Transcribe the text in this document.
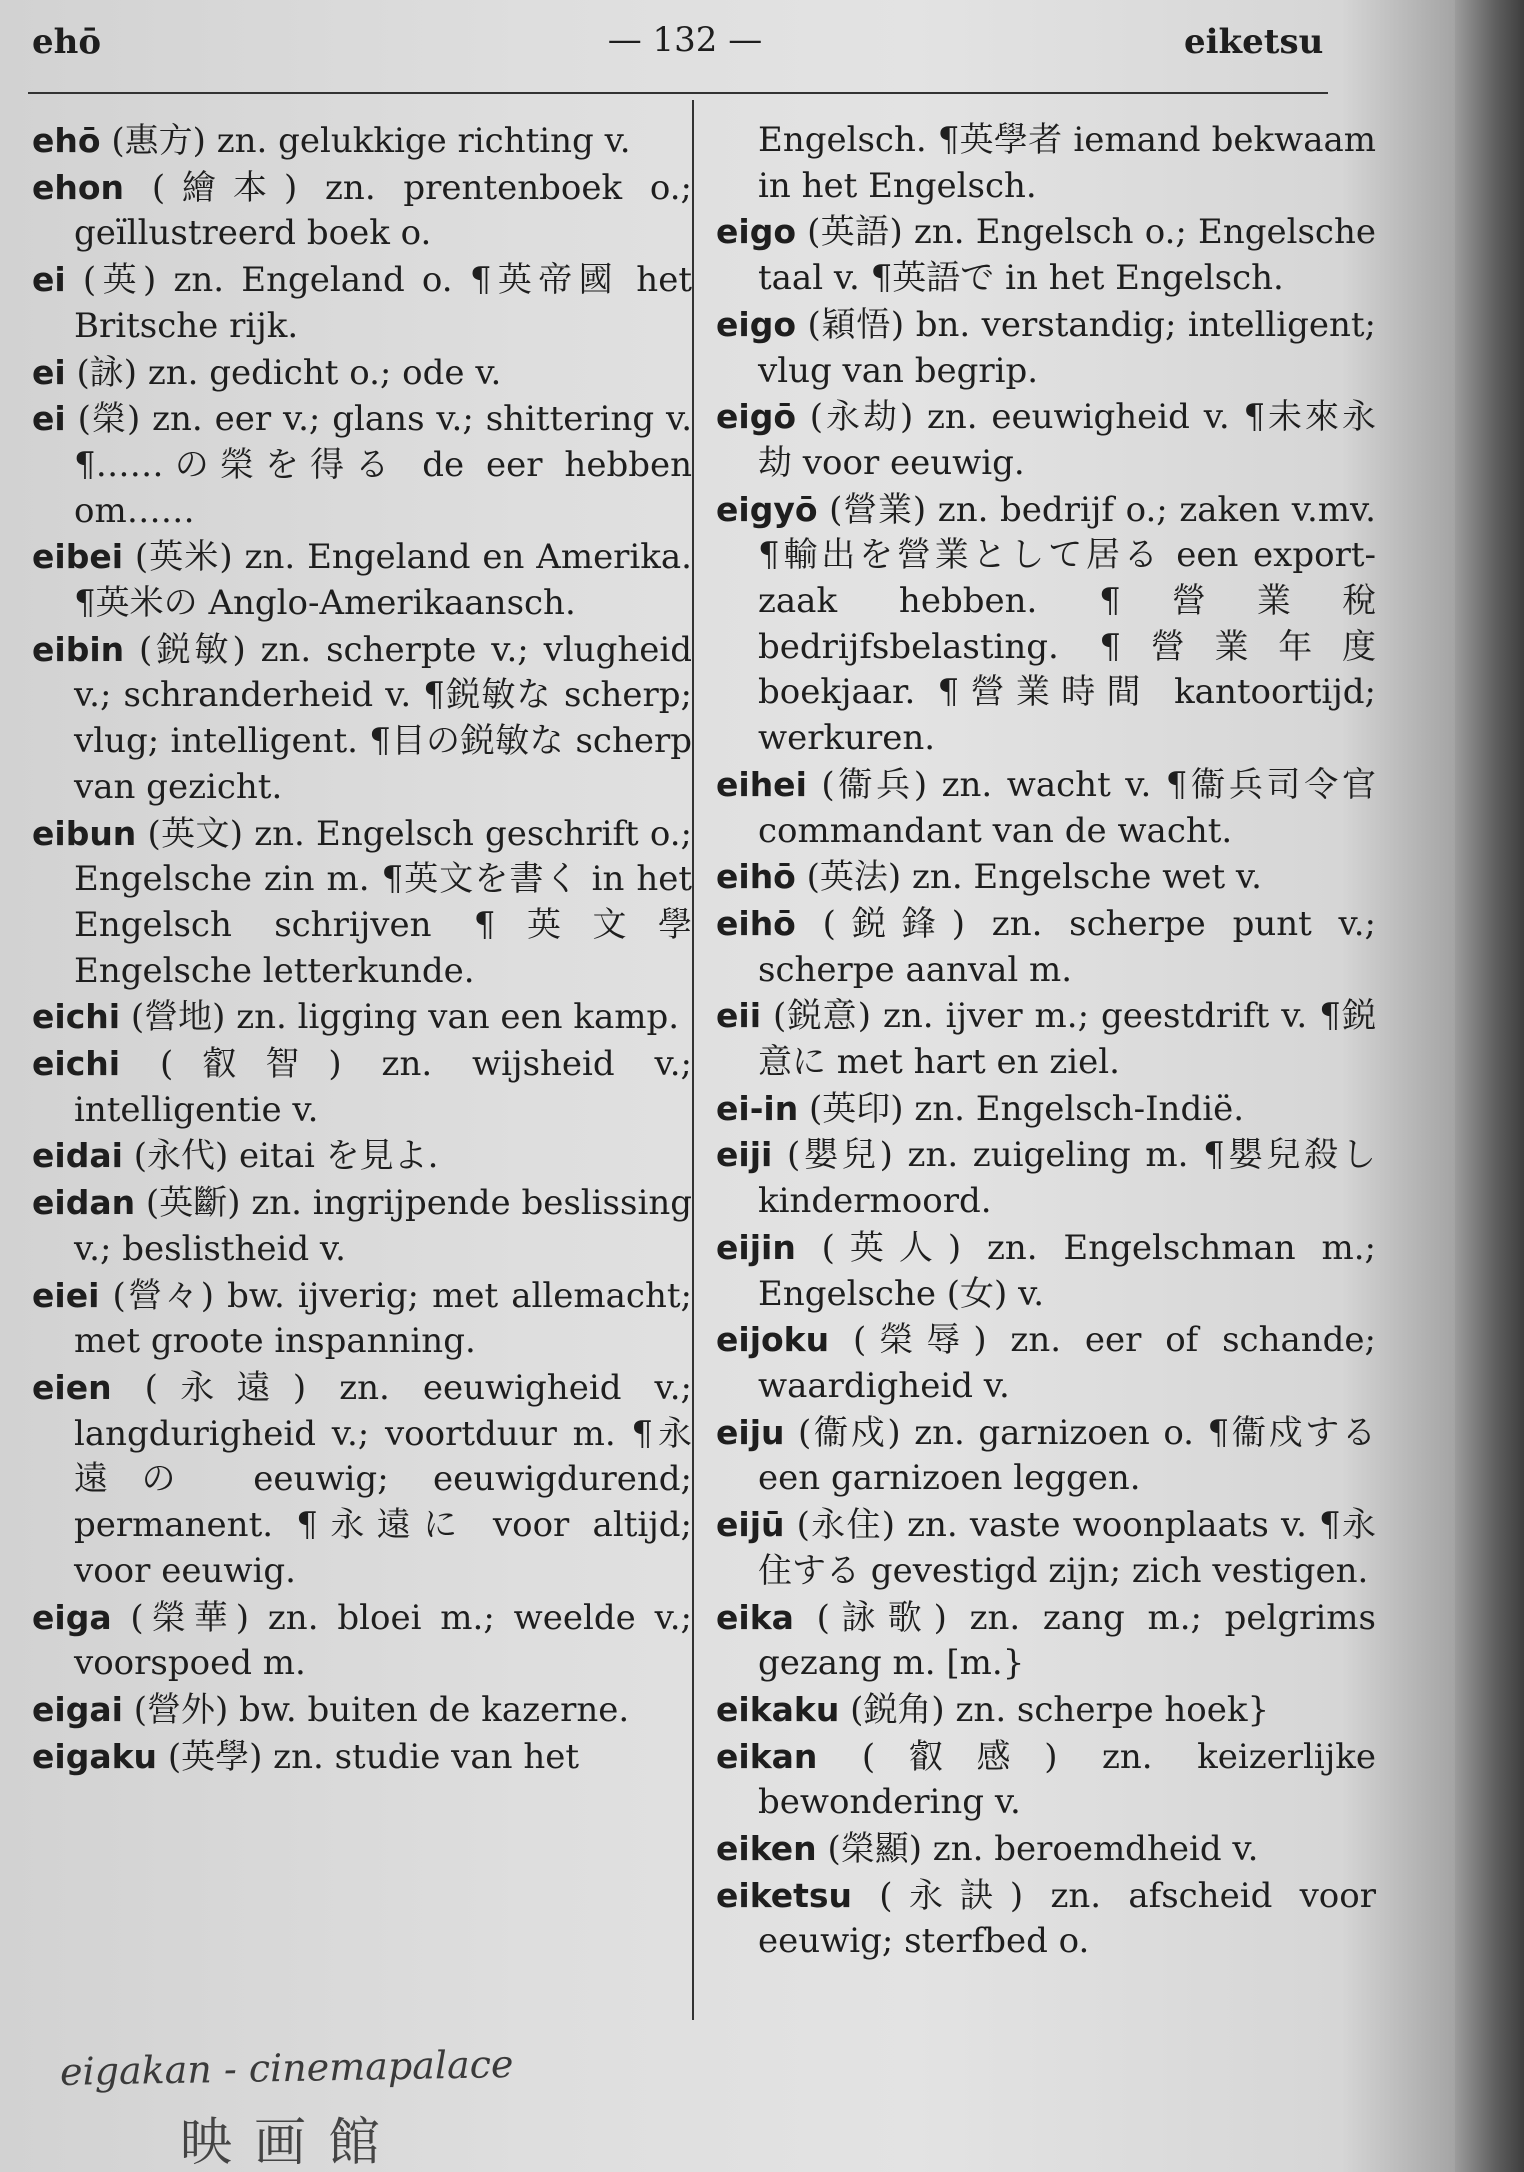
ehō	— 132 —	eiketsu

ehō (惠方) zn. gelukkige richting v.

ehon (繪本) zn. prentenboek o.; geïllustreerd boek o.

ei (英) zn. Engeland o. ¶英帝國 het Britsche rijk.

ei (詠) zn. gedicht o.; ode v.

ei (榮) zn. eer v.; glans v.; shittering v. ¶……の榮を得る de eer hebben om……

eibei (英米) zn. Engeland en Amerika. ¶英米の Anglo-Amerikaansch.

eibin (鋭敏) zn. scherpte v.; vlugheid v.; schranderheid v. ¶鋭敏な scherp; vlug; intelligent. ¶目の鋭敏な scherp van gezicht.

eibun (英文) zn. Engelsch geschrift o.; Engelsche zin m. ¶英文を書く in het Engelsch schrijven ¶英文學 Engelsche letterkunde.

eichi (營地) zn. ligging van een kamp.

eichi (叡智) zn. wijsheid v.; intelligentie v.

eidai (永代) eitai を見よ.

eidan (英斷) zn. ingrijpende beslissing v.; beslistheid v.

eiei (營々) bw. ijverig; met allemacht; met groote inspanning.

eien (永遠) zn. eeuwigheid v.; langdurigheid v.; voortduur m. ¶永遠の eeuwig; eeuwigdurend; permanent. ¶永遠に voor altijd; voor eeuwig.

eiga (榮華) zn. bloei m.; weelde v.; voorspoed m.

eigai (營外) bw. buiten de kazerne.

eigaku (英學) zn. studie van het

Engelsch. ¶英學者 iemand bekwaam in het Engelsch.

eigo (英語) zn. Engelsch o.; Engelsche taal v. ¶英語で in het Engelsch.

eigo (穎悟) bn. verstandig; intelligent; vlug van begrip.

eigō (永劫) zn. eeuwigheid v. ¶未來永劫 voor eeuwig.

eigyō (營業) zn. bedrijf o.; zaken v.mv. ¶輸出を營業として居る een export-zaak hebben. ¶營業稅 bedrijfsbelasting. ¶營業年度 boekjaar. ¶營業時間 kantoortijd; werkuren.

eihei (衞兵) zn. wacht v. ¶衞兵司令官 commandant van de wacht.

eihō (英法) zn. Engelsche wet v.

eihō (鋭鋒) zn. scherpe punt v.; scherpe aanval m.

eii (鋭意) zn. ijver m.; geestdrift v. ¶鋭意に met hart en ziel.

ei-in (英印) zn. Engelsch-Indië.

eiji (嬰兒) zn. zuigeling m. ¶嬰兒殺し kindermoord.

eijin (英人) zn. Engelschman m.; Engelsche (女) v.

eijoku (榮辱) zn. eer of schande; waardigheid v.

eiju (衞戍) zn. garnizoen o. ¶衞戍する een garnizoen leggen.

eijū (永住) zn. vaste woonplaats v. ¶永住する gevestigd zijn; zich vestigen.

eika (詠歌) zn. zang m.; pelgrims gezang m. [m.}

eikaku (鋭角) zn. scherpe hoek}

eikan (叡感) zn. keizerlijke bewondering v.

eiken (榮顯) zn. beroemdheid v.

eiketsu (永訣) zn. afscheid voor eeuwig; sterfbed o.

eigakan - cinemapalace
映画館
